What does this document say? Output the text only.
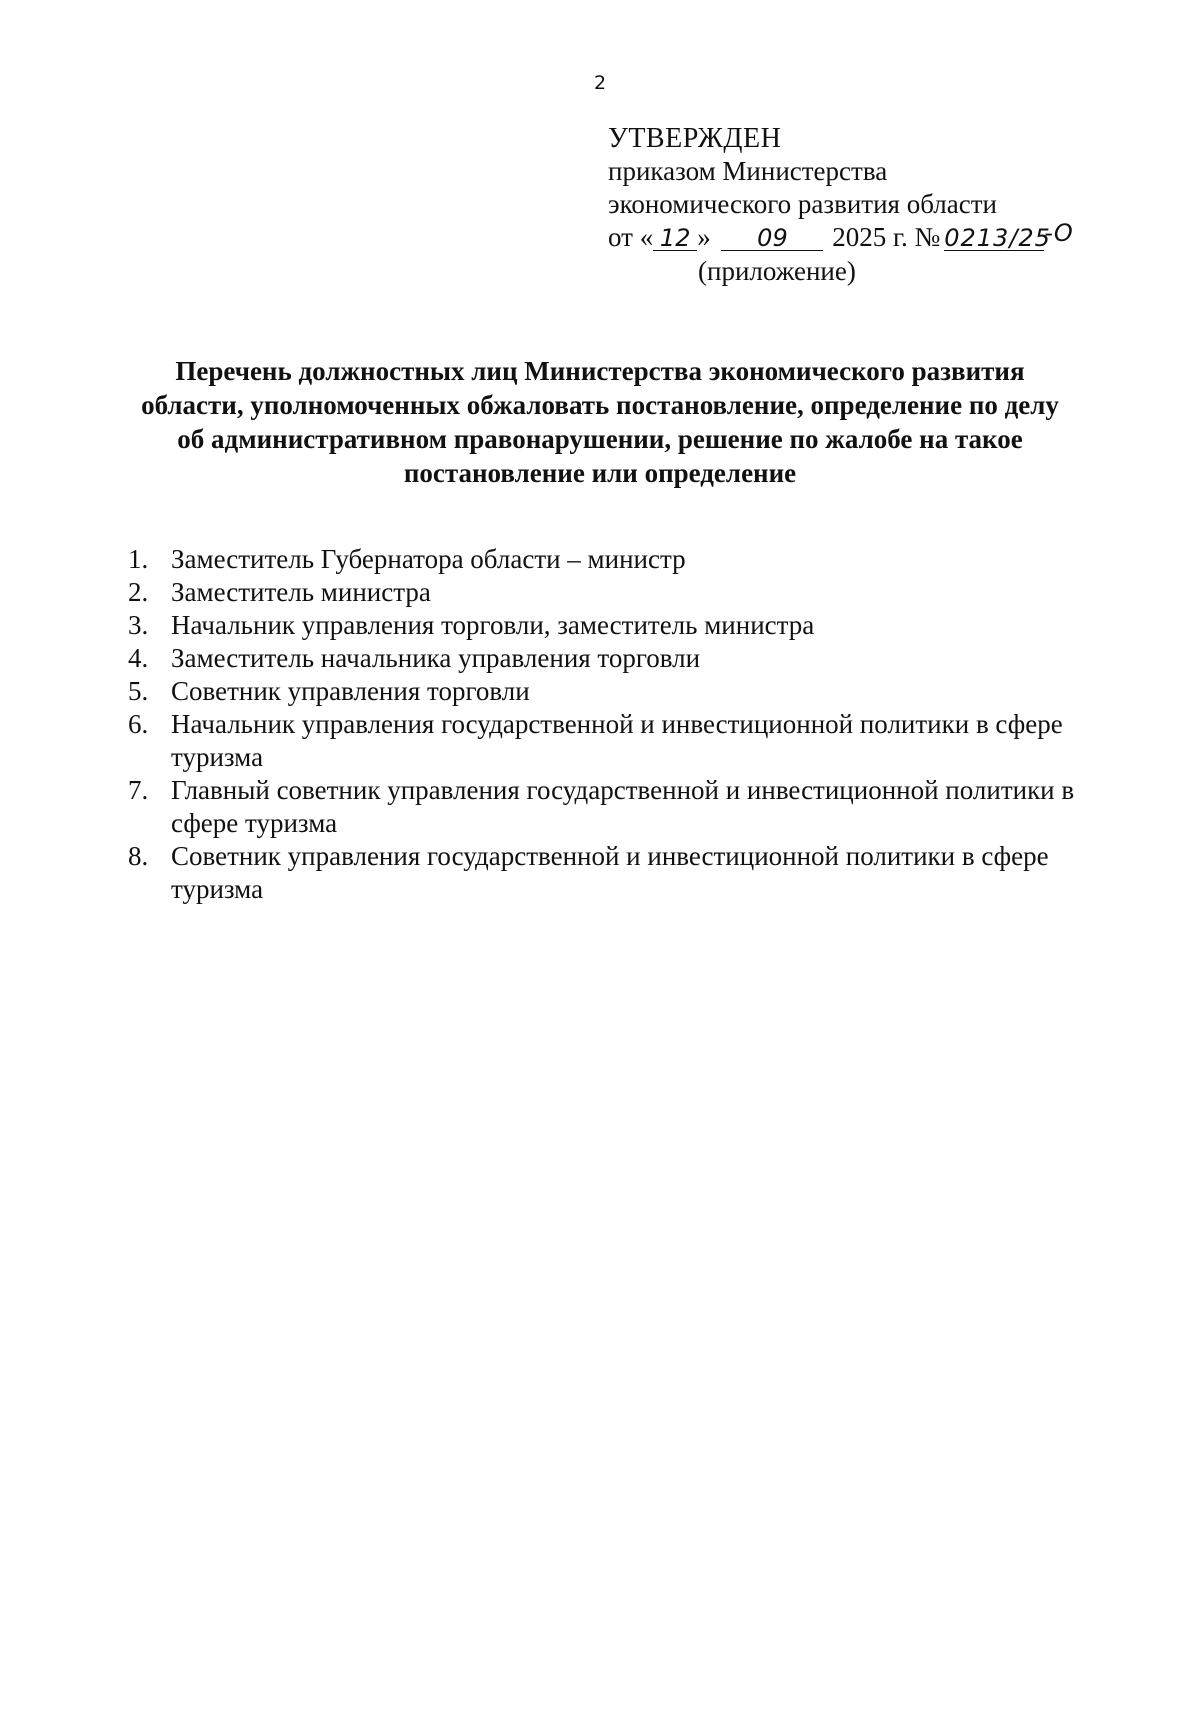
2
УТВЕРЖДЕН
приказом Министерства
экономического развития области
от « 12 » 09 2025 г. № 0213/25-О
(приложение)
Перечень должностных лиц Министерства экономического развития
области, уполномоченных обжаловать постановление, определение по делу
об административном правонарушении, решение по жалобе на такое
постановление или определение
1. Заместитель Губернатора области – министр
2. Заместитель министра
3. Начальник управления торговли, заместитель министра
4. Заместитель начальника управления торговли
5. Советник управления торговли
6. Начальник управления государственной и инвестиционной политики в сфере туризма
7. Главный советник управления государственной и инвестиционной политики в сфере туризма
8. Советник управления государственной и инвестиционной политики в сфере туризма
